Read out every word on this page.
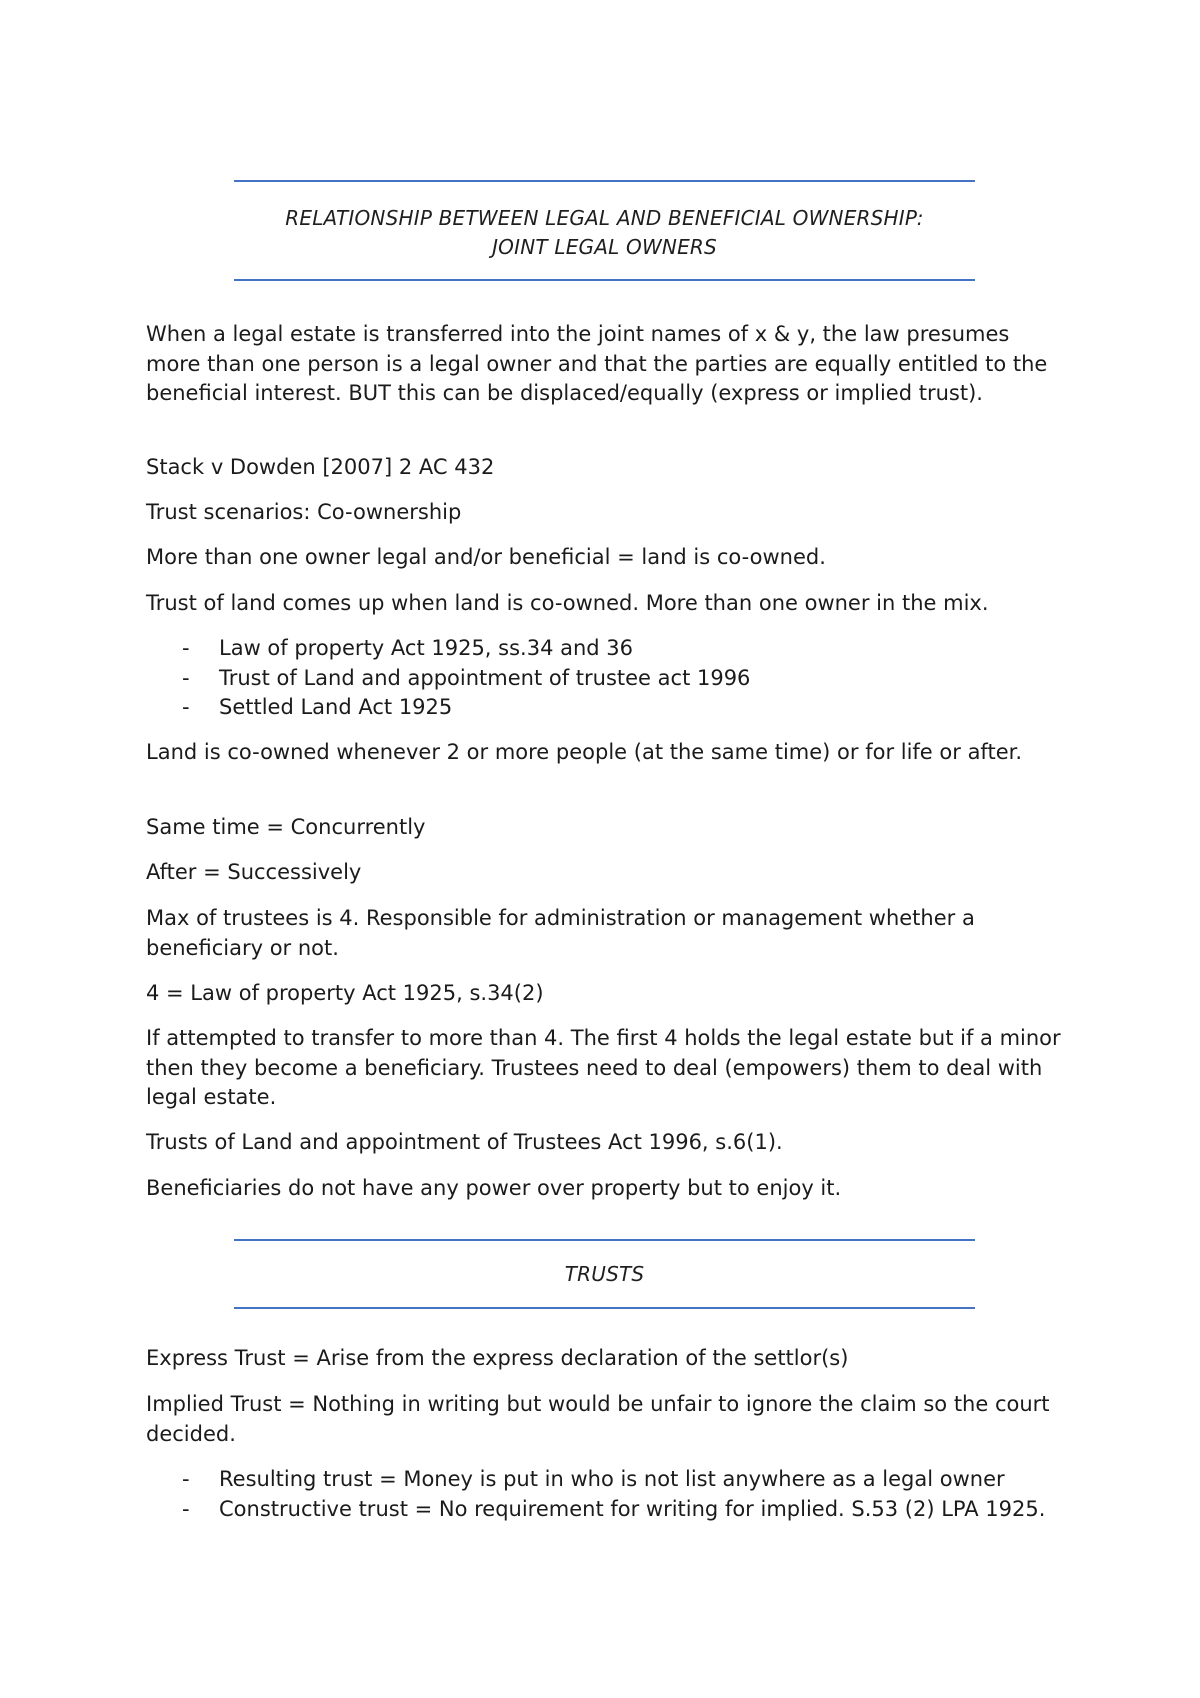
RELATIONSHIP BETWEEN LEGAL AND BENEFICIAL OWNERSHIP:
JOINT LEGAL OWNERS

When a legal estate is transferred into the joint names of x & y, the law presumes more than one person is a legal owner and that the parties are equally entitled to the beneficial interest. BUT this can be displaced/equally (express or implied trust).

Stack v Dowden [2007] 2 AC 432

Trust scenarios: Co-ownership

More than one owner legal and/or beneficial = land is co-owned.

Trust of land comes up when land is co-owned. More than one owner in the mix.

- Law of property Act 1925, ss.34 and 36
- Trust of Land and appointment of trustee act 1996
- Settled Land Act 1925

Land is co-owned whenever 2 or more people (at the same time) or for life or after.

Same time = Concurrently

After = Successively

Max of trustees is 4. Responsible for administration or management whether a beneficiary or not.

4 = Law of property Act 1925, s.34(2)

If attempted to transfer to more than 4. The first 4 holds the legal estate but if a minor then they become a beneficiary. Trustees need to deal (empowers) them to deal with legal estate.

Trusts of Land and appointment of Trustees Act 1996, s.6(1).

Beneficiaries do not have any power over property but to enjoy it.

TRUSTS

Express Trust = Arise from the express declaration of the settlor(s)

Implied Trust = Nothing in writing but would be unfair to ignore the claim so the court decided.

- Resulting trust = Money is put in who is not list anywhere as a legal owner
- Constructive trust = No requirement for writing for implied. S.53 (2) LPA 1925.
